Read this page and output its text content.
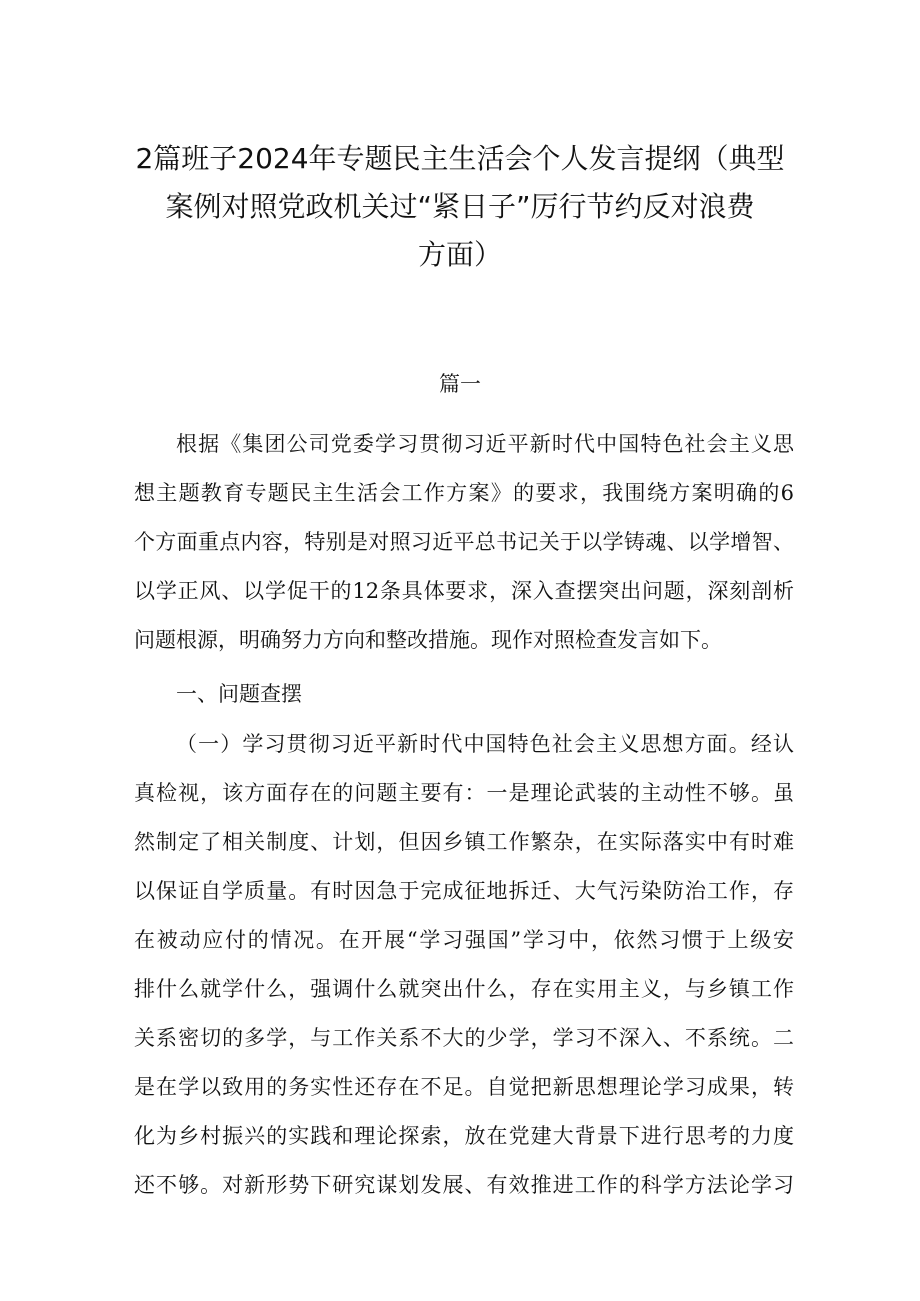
2篇班子2024年专题民主生活会个人发言提纲（典型
案例对照党政机关过“紧日子”厉行节约反对浪费
方面）
篇一
根据《集团公司党委学习贯彻习近平新时代中国特色社会主义思
想主题教育专题民主生活会工作方案》的要求，我围绕方案明确的6
个方面重点内容，特别是对照习近平总书记关于以学铸魂、以学增智、
以学正风、以学促干的12条具体要求，深入查摆突出问题，深刻剖析
问题根源，明确努力方向和整改措施。现作对照检查发言如下。
一、问题查摆
（一）学习贯彻习近平新时代中国特色社会主义思想方面。经认
真检视，该方面存在的问题主要有：一是理论武装的主动性不够。虽
然制定了相关制度、计划，但因乡镇工作繁杂，在实际落实中有时难
以保证自学质量。有时因急于完成征地拆迁、大气污染防治工作，存
在被动应付的情况。在开展“学习强国”学习中，依然习惯于上级安
排什么就学什么，强调什么就突出什么，存在实用主义，与乡镇工作
关系密切的多学，与工作关系不大的少学，学习不深入、不系统。二
是在学以致用的务实性还存在不足。自觉把新思想理论学习成果，转
化为乡村振兴的实践和理论探索，放在党建大背景下进行思考的力度
还不够。对新形势下研究谋划发展、有效推进工作的科学方法论学习
